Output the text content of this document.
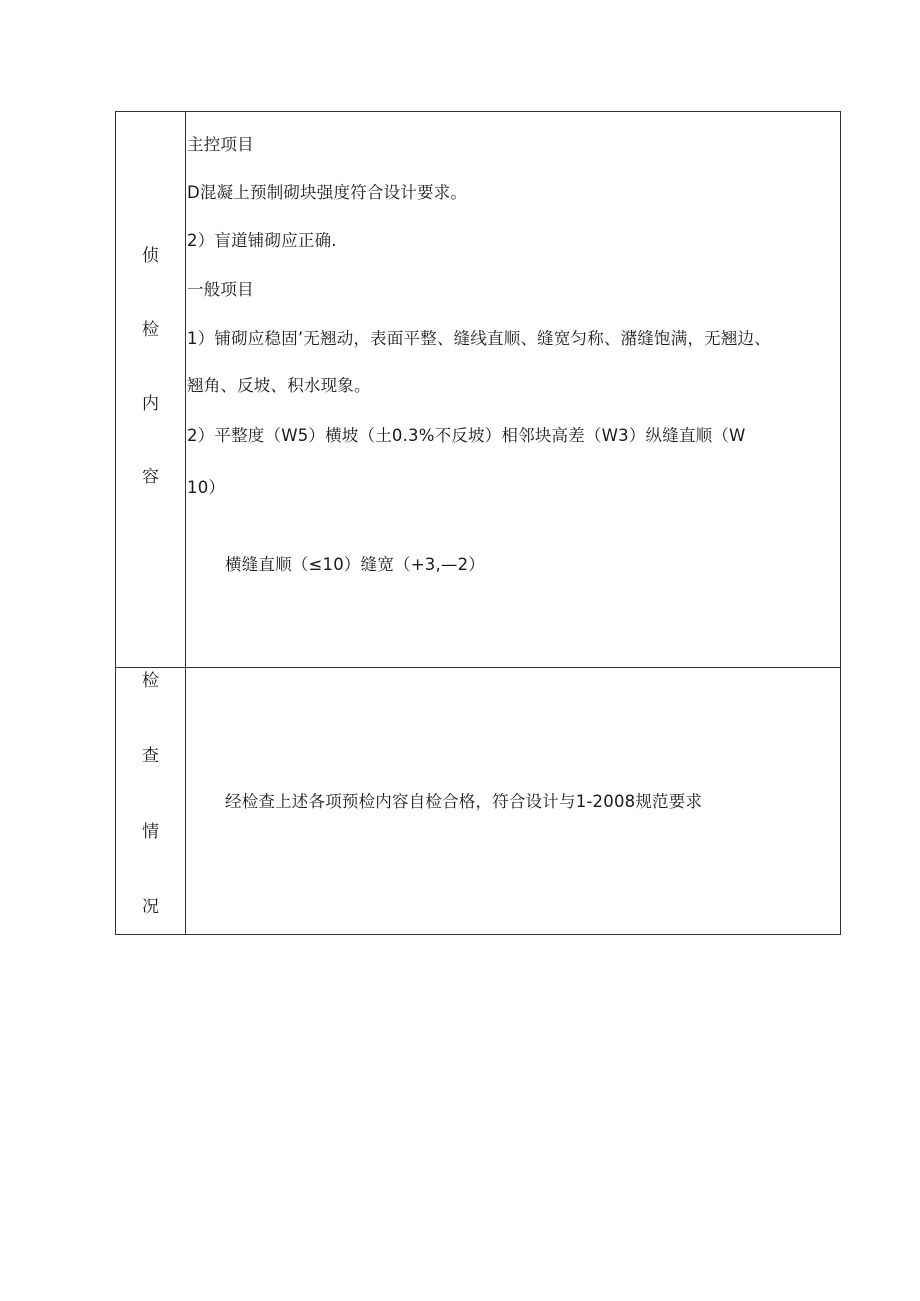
侦
检
内
容
主控项目
D混凝上预制砌块强度符合设计要求。
2）盲道铺砌应正确.
一般项目
1）铺砌应稳固’无翘动，表面平整、缝线直顺、缝宽匀称、潴缝饱满，无翘边、
翘角、反坡、积水现象。
2）平整度（W5）横坡（土0.3%不反坡）相邻块高差（W3）纵缝直顺（W
10）
横缝直顺（≤10）缝宽（+3,—2）
检
查
情
况
经检查上述各项预检内容自检合格，符合设计与1-2008规范要求
